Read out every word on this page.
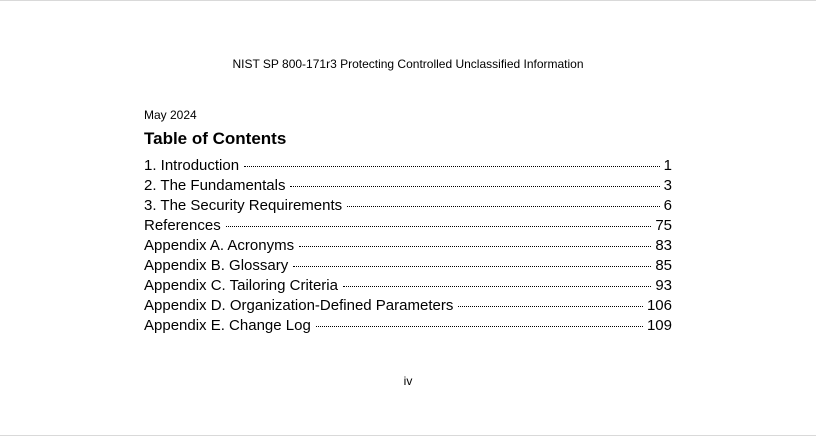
NIST SP 800-171r3 Protecting Controlled Unclassified Information
May 2024
Table of Contents
1. Introduction	1
2. The Fundamentals	3
3. The Security Requirements	6
References	75
Appendix A. Acronyms	83
Appendix B. Glossary	85
Appendix C. Tailoring Criteria	93
Appendix D. Organization-Defined Parameters	106
Appendix E. Change Log	109
iv
